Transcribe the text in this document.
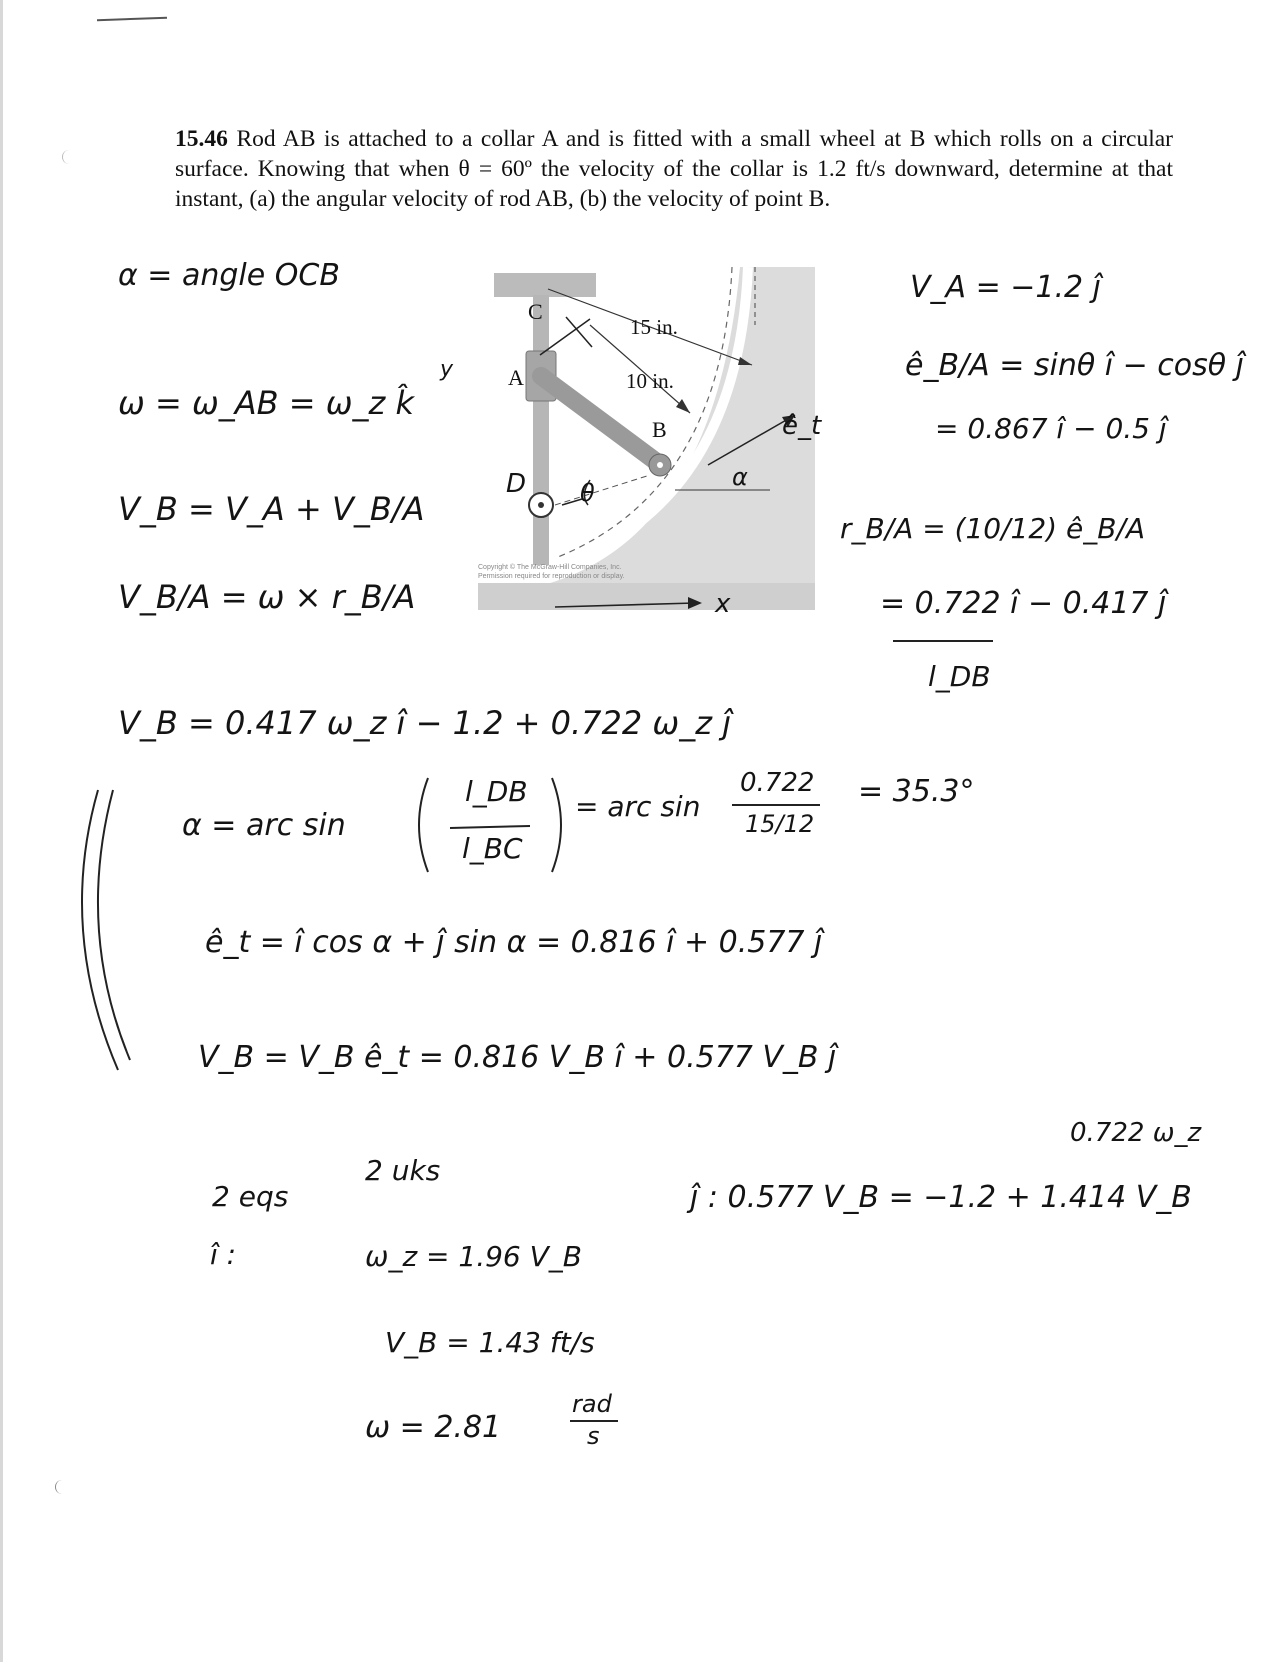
15.46 Rod AB is attached to a collar A and is fitted with a small wheel at B which rolls on a circular surface. Knowing that when θ = 60º the velocity of the collar is 1.2 ft/s downward, determine at that instant, (a) the angular velocity of rod AB, (b) the velocity of point B.
C
A
B
D
15 in.
10 in.
θ
α
ê_t
y
x
Copyright © The McGraw-Hill Companies, Inc.
Permission required for reproduction or display.
α = angle OCB
ω = ω_AB = ω_z k̂
V_B = V_A + V_B/A
V_B/A = ω × r_B/A
V_A = −1.2 ĵ
ê_B/A = sinθ î − cosθ ĵ
= 0.867 î − 0.5 ĵ
r_B/A = (10/12) ê_B/A
= 0.722 î − 0.417 ĵ
l_DB
V_B = 0.417 ω_z î − 1.2 + 0.722 ω_z ĵ
α = arc sin
l_DB
l_BC
= arc sin
0.722
15/12
= 35.3°
ê_t = î cos α + ĵ sin α = 0.816 î + 0.577 ĵ
V_B = V_B ê_t = 0.816 V_B î + 0.577 V_B ĵ
2 eqs
2 uks
î :
0.722 ω_z
ĵ : 0.577 V_B = −1.2 + 1.414 V_B
ω_z = 1.96 V_B
V_B = 1.43 ft/s
ω = 2.81
rad
s
